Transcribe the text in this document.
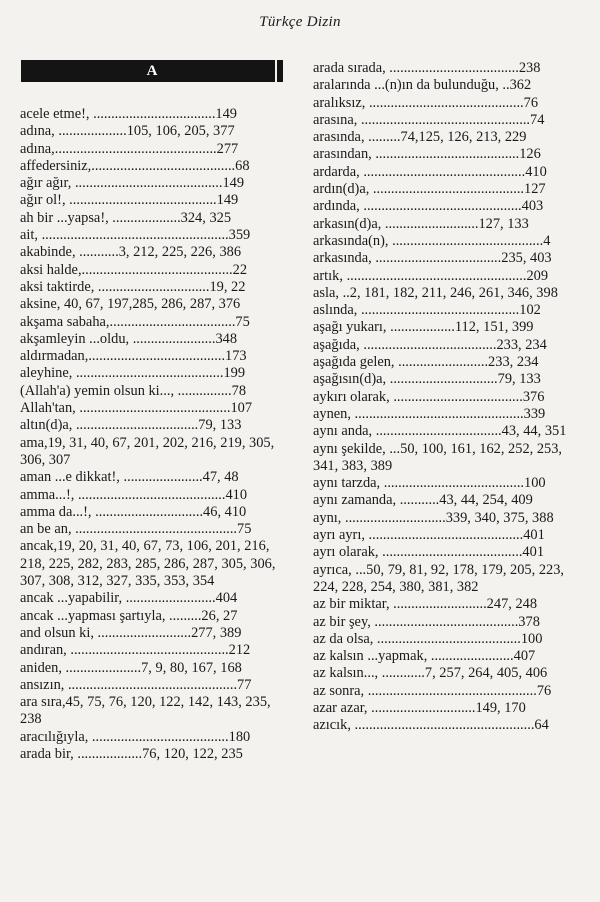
Türkçe Dizin
A

acele etme!, ..................................149

adına, ...................105, 106, 205, 377

adına,.............................................277

affedersiniz,........................................68

ağır ağır, .........................................149

ağır ol!, .........................................149

ah bir ...yapsa!, ...................324, 325

ait, ....................................................359

akabinde, ...........3, 212, 225, 226, 386

aksi halde,..........................................22

aksi taktirde, ...............................19, 22

aksine, 40, 67, 197,285, 286, 287, 376

akşama sabaha,...................................75

akşamleyin ...oldu, .......................348

aldırmadan,......................................173

aleyhine, .........................................199

(Allah'a) yemin olsun ki..., ...............78

Allah'tan, ..........................................107

altın(d)a, ..................................79, 133

ama,19, 31, 40, 67, 201, 202, 216, 219, 305, 306, 307

aman ...e dikkat!, ......................47, 48

amma...!, .........................................410

amma da...!, ..............................46, 410

an be an, .............................................75

ancak,19, 20, 31, 40, 67, 73, 106, 201, 216, 218, 225, 282, 283, 285, 286, 287, 305, 306, 307, 308, 312, 327, 335, 353, 354

ancak ...yapabilir, .........................404

ancak ...yapması şartıyla, .........26, 27

and olsun ki, ..........................277, 389

andıran, ............................................212

aniden, .....................7, 9, 80, 167, 168

ansızın, ...............................................77

ara sıra,45, 75, 76, 120, 122, 142, 143, 235, 238

aracılığıyla, ......................................180

arada bir, ..................76, 120, 122, 235

arada sırada, ....................................238

aralarında ...(n)ın da bulunduğu, ..362

aralıksız, ...........................................76

arasına, ...............................................74

arasında, .........74,125, 126, 213, 229

arasından, ........................................126

ardarda, .............................................410

ardın(d)a, ..........................................127

ardında, ............................................403

arkasın(d)a, ..........................127, 133

arkasında(n), ..........................................4

arkasında, ...................................235, 403

artık, ..................................................209

asla, ..2, 181, 182, 211, 246, 261, 346, 398

aslında, ............................................102

aşağı yukarı, ..................112, 151, 399

aşağıda, .....................................233, 234

aşağıda gelen, .........................233, 234

aşağısın(d)a, ..............................79, 133

aykırı olarak, ....................................376

aynen, ...............................................339

aynı anda, ...................................43, 44, 351

aynı şekilde, ...50, 100, 161, 162, 252, 253, 341, 383, 389

aynı tarzda, .......................................100

aynı zamanda, ...........43, 44, 254, 409

aynı, ............................339, 340, 375, 388

ayrı ayrı, ...........................................401

ayrı olarak, .......................................401

ayrıca, ...50, 79, 81, 92, 178, 179, 205, 223, 224, 228, 254, 380, 381, 382

az bir miktar, ..........................247, 248

az bir şey, ........................................378

az da olsa, ........................................100

az kalsın ...yapmak, .......................407

az kalsın..., ............7, 257, 264, 405, 406

az sonra, ...............................................76

azar azar, .............................149, 170

azıcık, ..................................................64
